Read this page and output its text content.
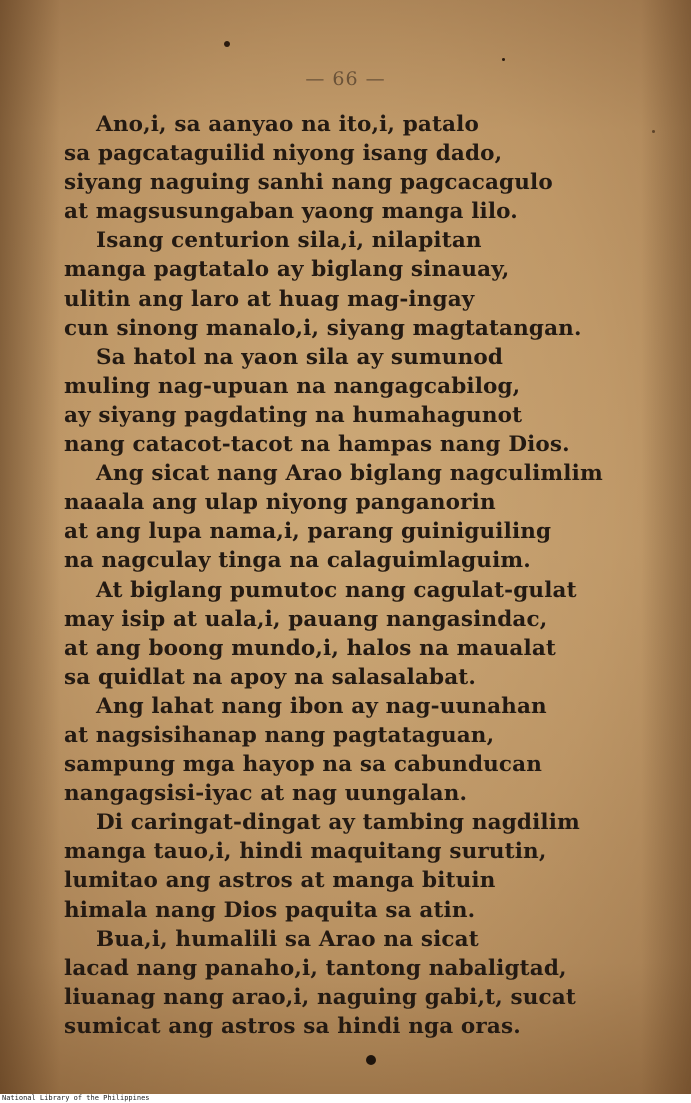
— 66 —
Ano,i, sa aanyao na ito,i, patalo
sa pagcataguilid niyong isang dado,
siyang naguing sanhi nang pagcacagulo
at magsusungaban yaong manga lilo.
Isang centurion sila,i, nilapitan
manga pagtatalo ay biglang sinauay,
ulitin ang laro at huag mag-ingay
cun sinong manalo,i, siyang magtatangan.
Sa hatol na yaon sila ay sumunod
muling nag-upuan na nangagcabilog,
ay siyang pagdating na humahagunot
nang catacot-tacot na hampas nang Dios.
Ang sicat nang Arao biglang nagculimlim
naaala ang ulap niyong panganorin
at ang lupa nama,i, parang guiniguiling
na nagculay tinga na calaguimlaguim.
At biglang pumutoc nang cagulat-gulat
may isip at uala,i, pauang nangasindac,
at ang boong mundo,i, halos na maualat
sa quidlat na apoy na salasalabat.
Ang lahat nang ibon ay nag-uunahan
at nagsisihanap nang pagtataguan,
sampung mga hayop na sa cabunducan
nangagsisi-iyac at nag uungalan.
Di caringat-dingat ay tambing nagdilim
manga tauo,i, hindi maquitang surutin,
lumitao ang astros at manga bituin
himala nang Dios paquita sa atin.
Bua,i, humalili sa Arao na sicat
lacad nang panaho,i, tantong nabaligtad,
liuanag nang arao,i, naguing gabi,t, sucat
sumicat ang astros sa hindi nga oras.
National Library of the Philippines
